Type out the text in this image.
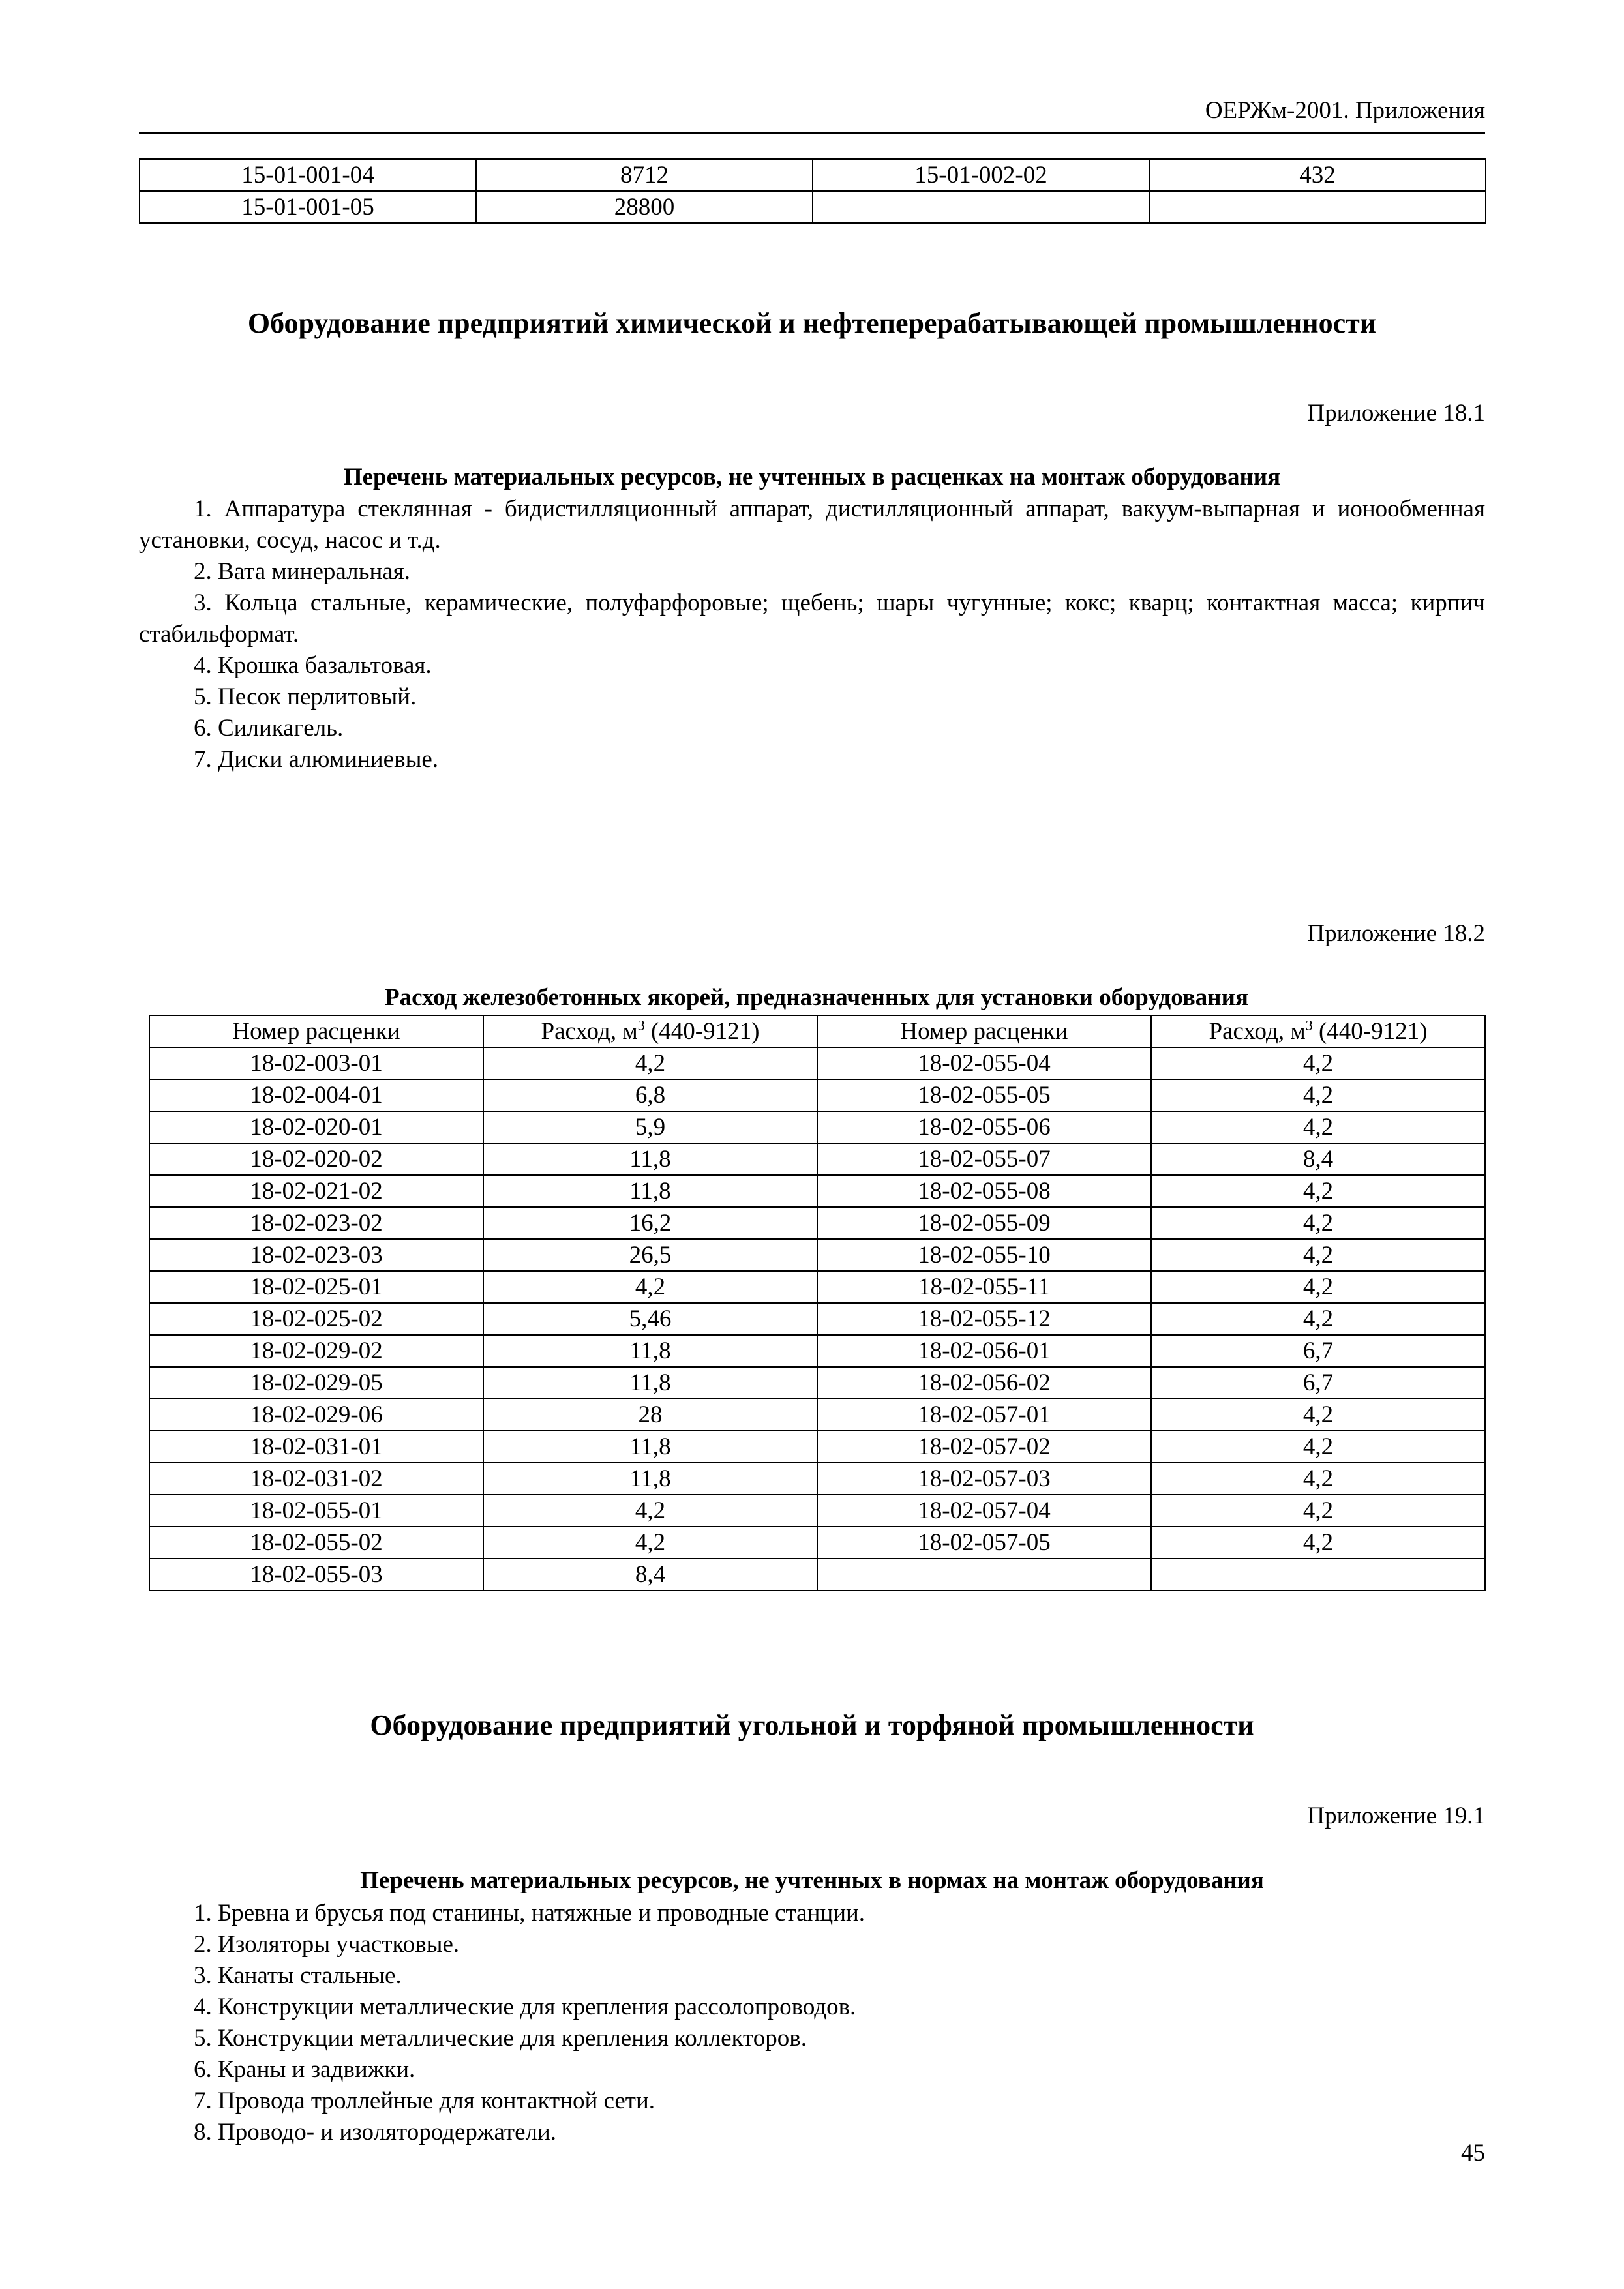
ОЕРЖм-2001. Приложения
15-01-001-04	8712	15-01-002-02	432
15-01-001-05	28800		
Оборудование предприятий химической и нефтеперерабатывающей промышленности
Приложение 18.1
Перечень материальных ресурсов, не учтенных в расценках на монтаж оборудования

1. Аппаратура стеклянная - бидистилляционный аппарат, дистилляционный аппарат, вакуум-выпарная и ионообменная установки, сосуд, насос и т.д.

2. Вата минеральная.

3. Кольца стальные, керамические, полуфарфоровые; щебень; шары чугунные; кокс; кварц; контактная масса; кирпич стабильформат.

4. Крошка базальтовая.

5. Песок перлитовый.

6. Силикагель.

7. Диски алюминиевые.

Приложение 18.2
Расход железобетонных якорей, предназначенных для установки оборудования
Номер расценки	Расход, $м^3$ (440-9121)	Номер расценки	Расход, $м^3$ (440-9121)
18-02-003-01	4,2	18-02-055-04	4,2
18-02-004-01	6,8	18-02-055-05	4,2
18-02-020-01	5,9	18-02-055-06	4,2
18-02-020-02	11,8	18-02-055-07	8,4
18-02-021-02	11,8	18-02-055-08	4,2
18-02-023-02	16,2	18-02-055-09	4,2
18-02-023-03	26,5	18-02-055-10	4,2
18-02-025-01	4,2	18-02-055-11	4,2
18-02-025-02	5,46	18-02-055-12	4,2
18-02-029-02	11,8	18-02-056-01	6,7
18-02-029-05	11,8	18-02-056-02	6,7
18-02-029-06	28	18-02-057-01	4,2
18-02-031-01	11,8	18-02-057-02	4,2
18-02-031-02	11,8	18-02-057-03	4,2
18-02-055-01	4,2	18-02-057-04	4,2
18-02-055-02	4,2	18-02-057-05	4,2
18-02-055-03	8,4		
Оборудование предприятий угольной и торфяной промышленности
Приложение 19.1
Перечень материальных ресурсов, не учтенных в нормах на монтаж оборудования

1. Бревна и брусья под станины, натяжные и проводные станции.

2. Изоляторы участковые.

3. Канаты стальные.

4. Конструкции металлические для крепления рассолопроводов.

5. Конструкции металлические для крепления коллекторов.

6. Краны и задвижки.

7. Провода троллейные для контактной сети.

8. Проводо- и изолятородержатели.

45
